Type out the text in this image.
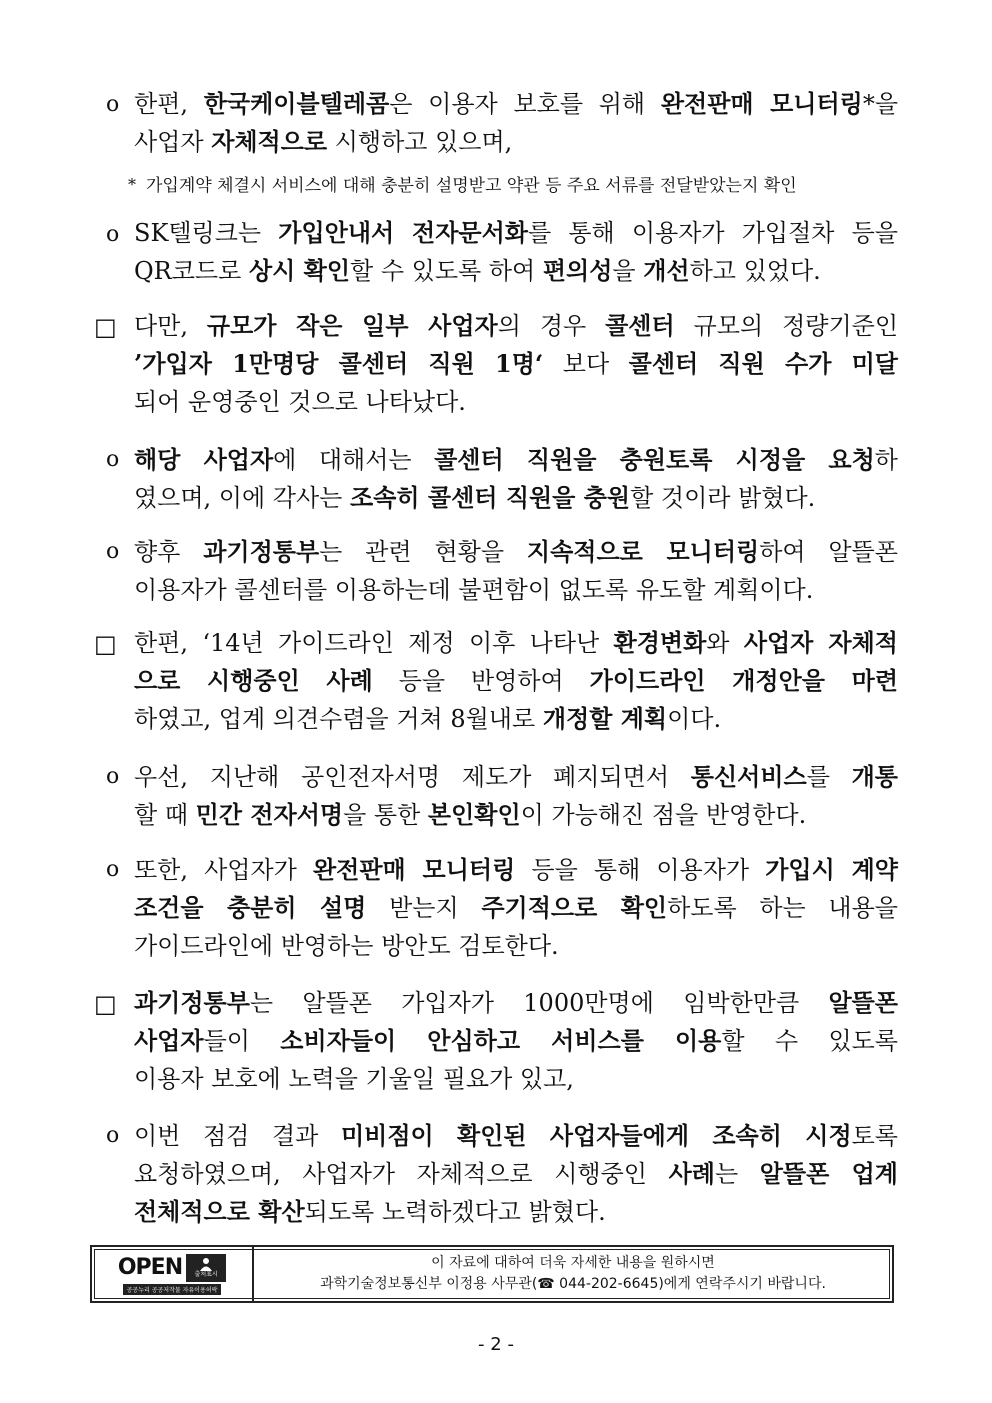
o
*
o
□
o
o
□
o
o
□
o
한편, 한국케이블텔레콤은 이용자 보호를 위해 완전판매 모니터링*을
사업자 자체적으로 시행하고 있으며,
가입계약 체결시 서비스에 대해 충분히 설명받고 약관 등 주요 서류를 전달받았는지 확인
SK텔링크는 가입안내서 전자문서화를 통해 이용자가 가입절차 등을
QR코드로 상시 확인할 수 있도록 하여 편의성을 개선하고 있었다.
다만, 규모가 작은 일부 사업자의 경우 콜센터 규모의 정량기준인
’가입자 1만명당 콜센터 직원 1명‘ 보다 콜센터 직원 수가 미달
되어 운영중인 것으로 나타났다.
해당 사업자에 대해서는 콜센터 직원을 충원토록 시정을 요청하
였으며, 이에 각사는 조속히 콜센터 직원을 충원할 것이라 밝혔다.
향후 과기정통부는 관련 현황을 지속적으로 모니터링하여 알뜰폰
이용자가 콜센터를 이용하는데 불편함이 없도록 유도할 계획이다.
한편, ‘14년 가이드라인 제정 이후 나타난 환경변화와 사업자 자체적
으로 시행중인 사례 등을 반영하여 가이드라인 개정안을 마련
하였고, 업계 의견수렴을 거쳐 8월내로 개정할 계획이다.
우선, 지난해 공인전자서명 제도가 폐지되면서 통신서비스를 개통
할 때 민간 전자서명을 통한 본인확인이 가능해진 점을 반영한다.
또한, 사업자가 완전판매 모니터링 등을 통해 이용자가 가입시 계약
조건을 충분히 설명 받는지 주기적으로 확인하도록 하는 내용을
가이드라인에 반영하는 방안도 검토한다.
과기정통부는 알뜰폰 가입자가 1000만명에 임박한만큼 알뜰폰
사업자들이 소비자들이 안심하고 서비스를 이용할 수 있도록
이용자 보호에 노력을 기울일 필요가 있고,
이번 점검 결과 미비점이 확인된 사업자들에게 조속히 시정토록
요청하였으며, 사업자가 자체적으로 시행중인 사례는 알뜰폰 업계
전체적으로 확산되도록 노력하겠다고 밝혔다.
OPEN 출처표시
공공누리 공공저작물 자유이용허락
이 자료에 대하여 더욱 자세한 내용을 원하시면
과학기술정보통신부 이정용 사무관(☎ 044-202-6645)에게 연락주시기 바랍니다.
- 2 -
